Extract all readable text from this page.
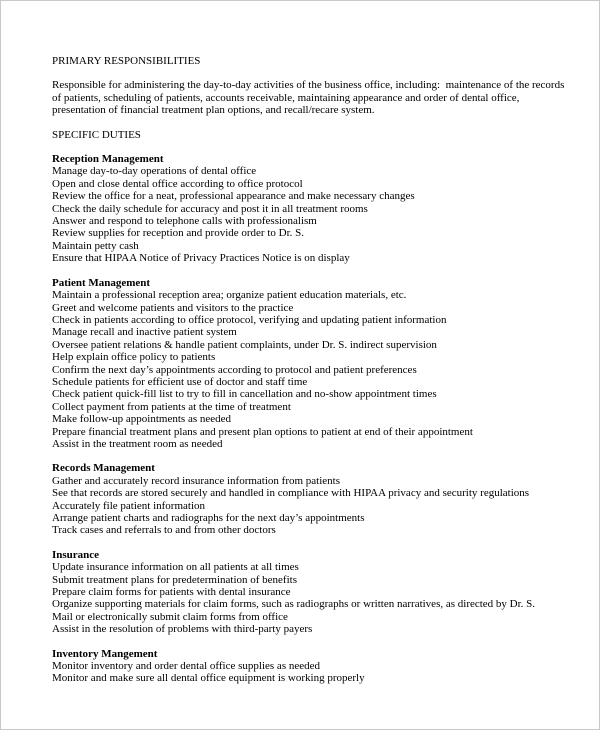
PRIMARY RESPONSIBILITIES
Responsible for administering the day-to-day activities of the business office, including:  maintenance of the records
of patients, scheduling of patients, accounts receivable, maintaining appearance and order of dental office,
presentation of financial treatment plan options, and recall/recare system.
SPECIFIC DUTIES
Reception Management
Manage day-to-day operations of dental office
Open and close dental office according to office protocol
Review the office for a neat, professional appearance and make necessary changes
Check the daily schedule for accuracy and post it in all treatment rooms
Answer and respond to telephone calls with professionalism
Review supplies for reception and provide order to Dr. S.
Maintain petty cash
Ensure that HIPAA Notice of Privacy Practices Notice is on display
Patient Management
Maintain a professional reception area; organize patient education materials, etc.
Greet and welcome patients and visitors to the practice
Check in patients according to office protocol, verifying and updating patient information
Manage recall and inactive patient system
Oversee patient relations & handle patient complaints, under Dr. S. indirect supervision
Help explain office policy to patients
Confirm the next day’s appointments according to protocol and patient preferences
Schedule patients for efficient use of doctor and staff time
Check patient quick-fill list to try to fill in cancellation and no-show appointment times
Collect payment from patients at the time of treatment
Make follow-up appointments as needed
Prepare financial treatment plans and present plan options to patient at end of their appointment
Assist in the treatment room as needed
Records Management
Gather and accurately record insurance information from patients
See that records are stored securely and handled in compliance with HIPAA privacy and security regulations
Accurately file patient information
Arrange patient charts and radiographs for the next day’s appointments
Track cases and referrals to and from other doctors
Insurance
Update insurance information on all patients at all times
Submit treatment plans for predetermination of benefits
Prepare claim forms for patients with dental insurance
Organize supporting materials for claim forms, such as radiographs or written narratives, as directed by Dr. S.
Mail or electronically submit claim forms from office
Assist in the resolution of problems with third-party payers
Inventory Mangement
Monitor inventory and order dental office supplies as needed
Monitor and make sure all dental office equipment is working properly
